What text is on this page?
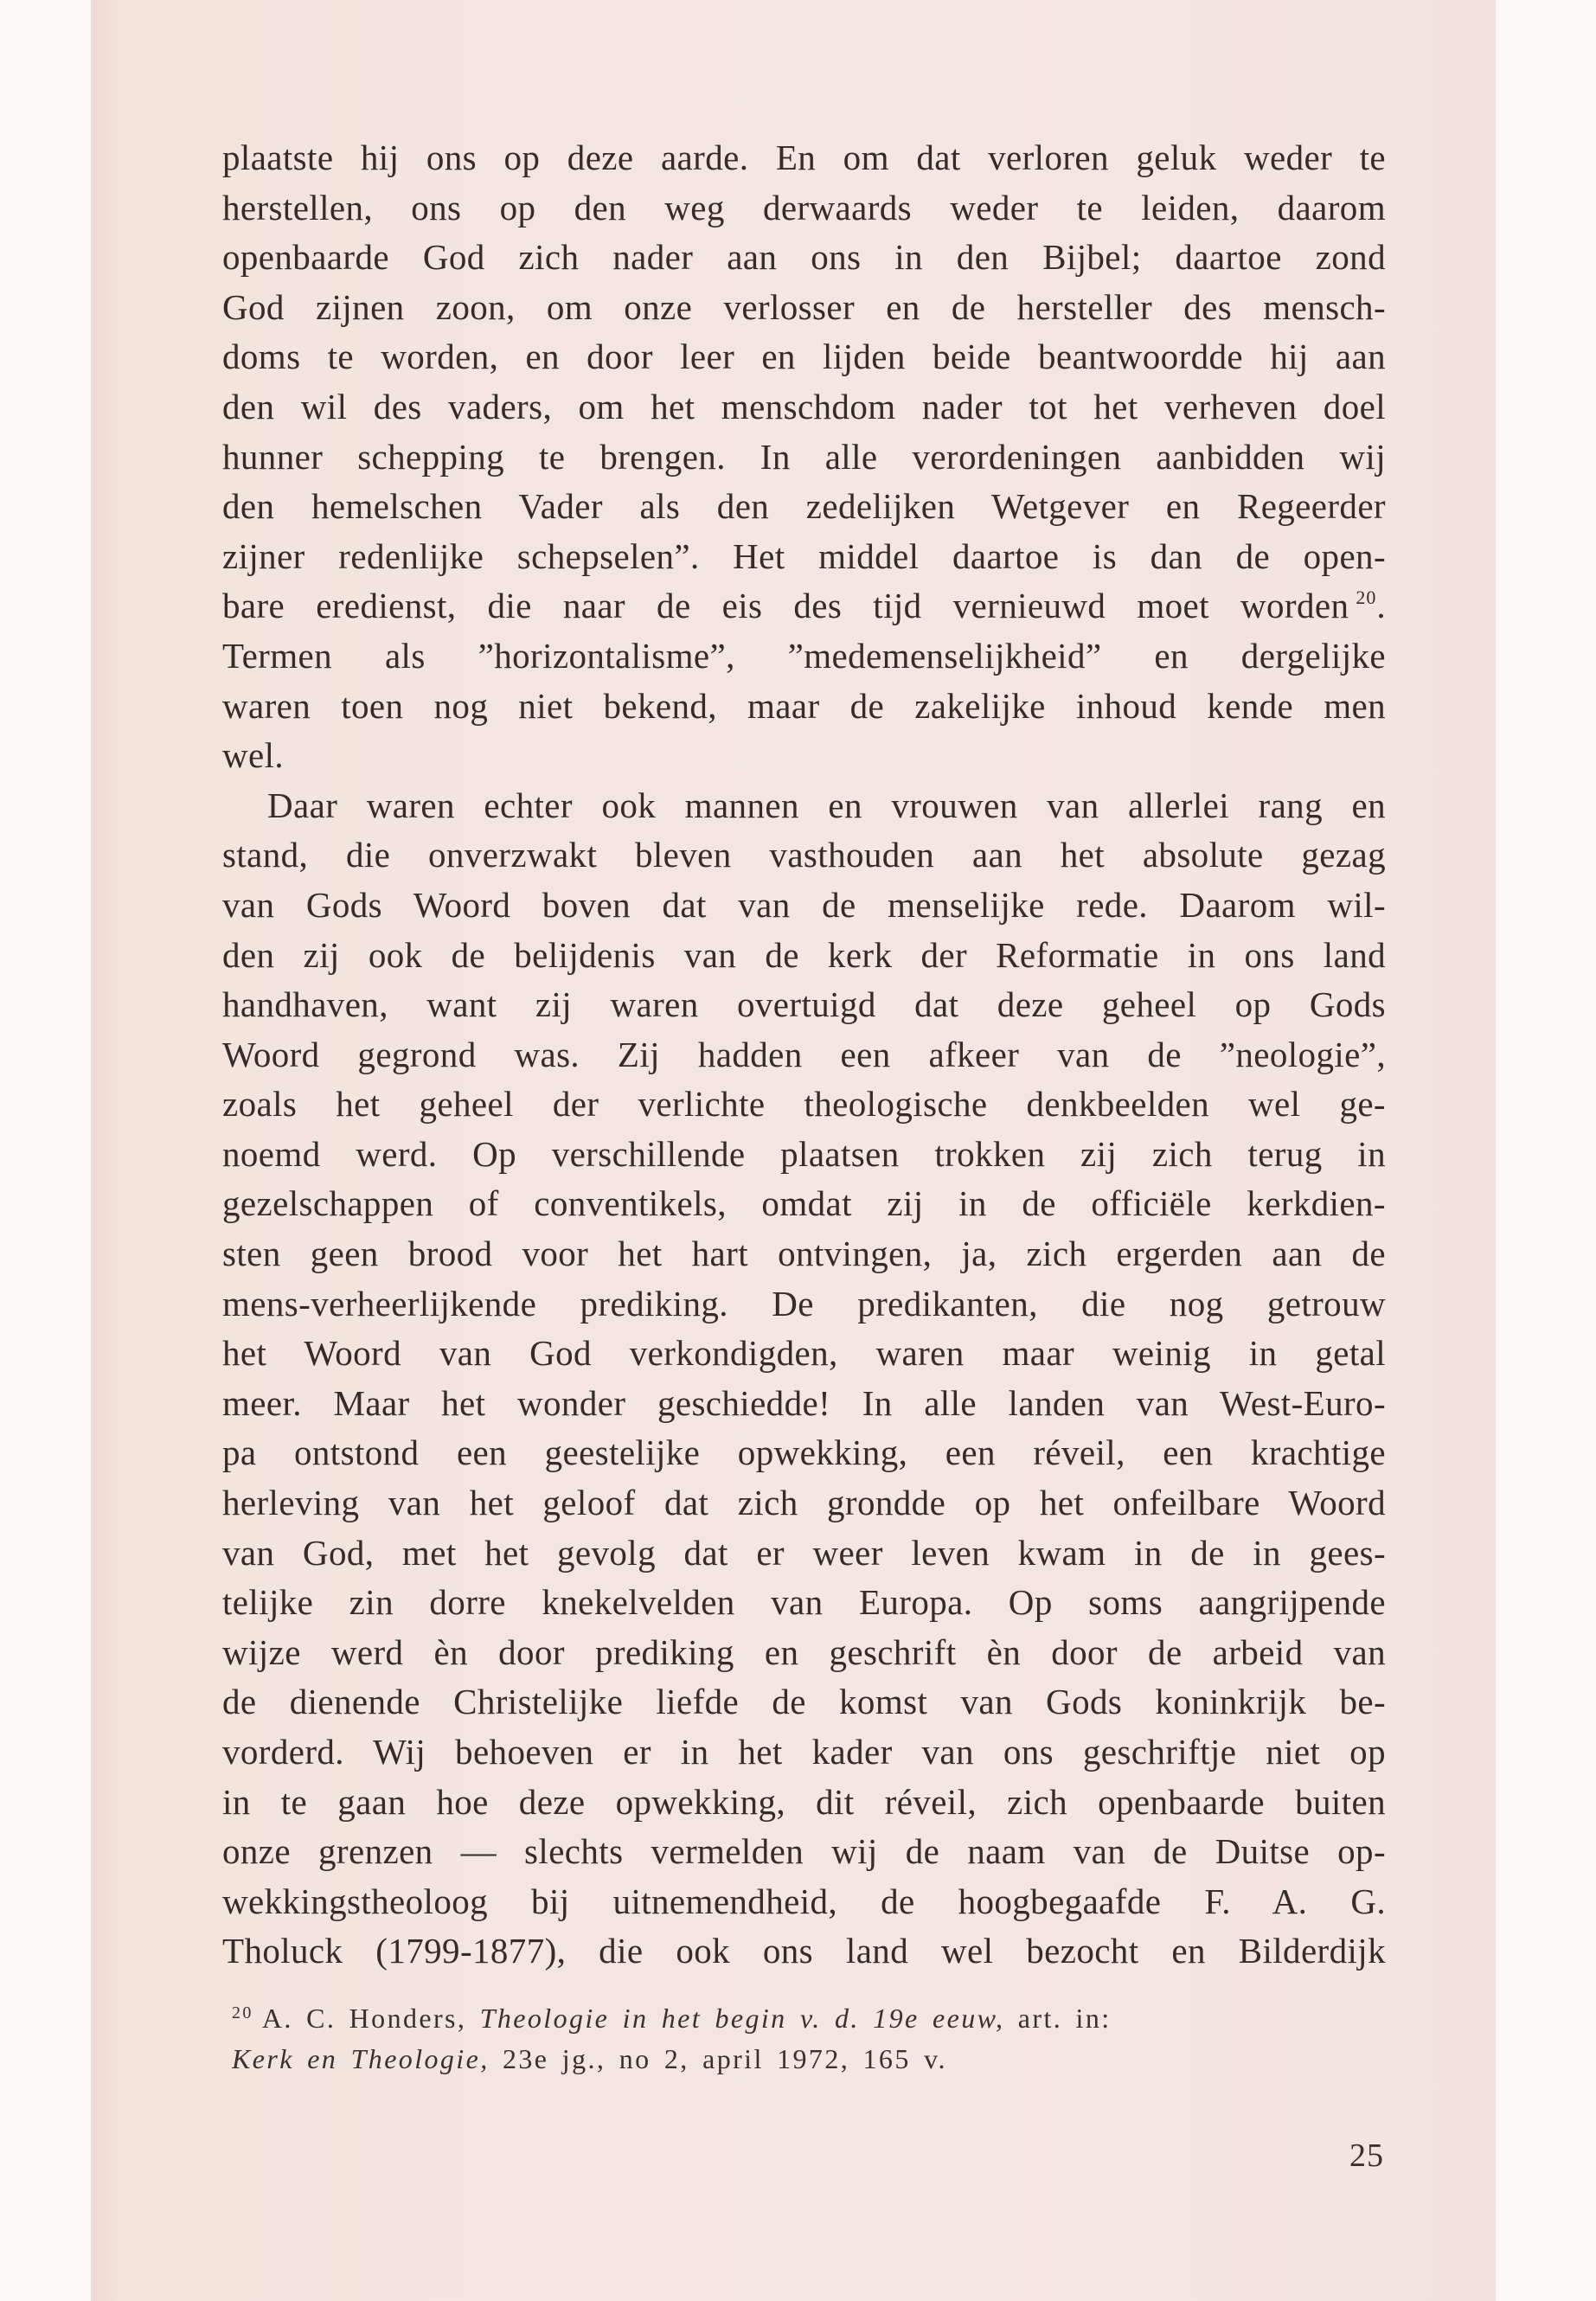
plaatste hij ons op deze aarde. En om dat verloren geluk weder te
herstellen, ons op den weg derwaards weder te leiden, daarom
openbaarde God zich nader aan ons in den Bijbel; daartoe zond
God zijnen zoon, om onze verlosser en de hersteller des mensch-
doms te worden, en door leer en lijden beide beantwoordde hij aan
den wil des vaders, om het menschdom nader tot het verheven doel
hunner schepping te brengen. In alle verordeningen aanbidden wij
den hemelschen Vader als den zedelijken Wetgever en Regeerder
zijner redenlijke schepselen”. Het middel daartoe is dan de open-
bare eredienst, die naar de eis des tijd vernieuwd moet worden $^{20}$.
Termen als ”horizontalisme”, ”medemenselijkheid” en dergelijke
waren toen nog niet bekend, maar de zakelijke inhoud kende men
wel.
Daar waren echter ook mannen en vrouwen van allerlei rang en
stand, die onverzwakt bleven vasthouden aan het absolute gezag
van Gods Woord boven dat van de menselijke rede. Daarom wil-
den zij ook de belijdenis van de kerk der Reformatie in ons land
handhaven, want zij waren overtuigd dat deze geheel op Gods
Woord gegrond was. Zij hadden een afkeer van de ”neologie”,
zoals het geheel der verlichte theologische denkbeelden wel ge-
noemd werd. Op verschillende plaatsen trokken zij zich terug in
gezelschappen of conventikels, omdat zij in de officiële kerkdien-
sten geen brood voor het hart ontvingen, ja, zich ergerden aan de
mens-verheerlijkende prediking. De predikanten, die nog getrouw
het Woord van God verkondigden, waren maar weinig in getal
meer. Maar het wonder geschiedde! In alle landen van West-Euro-
pa ontstond een geestelijke opwekking, een réveil, een krachtige
herleving van het geloof dat zich grondde op het onfeilbare Woord
van God, met het gevolg dat er weer leven kwam in de in gees-
telijke zin dorre knekelvelden van Europa. Op soms aangrijpende
wijze werd èn door prediking en geschrift èn door de arbeid van
de dienende Christelijke liefde de komst van Gods koninkrijk be-
vorderd. Wij behoeven er in het kader van ons geschriftje niet op
in te gaan hoe deze opwekking, dit réveil, zich openbaarde buiten
onze grenzen — slechts vermelden wij de naam van de Duitse op-
wekkingstheoloog bij uitnemendheid, de hoogbegaafde F. A. G.
Tholuck (1799-1877), die ook ons land wel bezocht en Bilderdijk
$^{20}$ A. C. Honders, Theologie in het begin v. d. 19e eeuw, art. in:
Kerk en Theologie, 23e jg., no 2, april 1972, 165 v.
25
